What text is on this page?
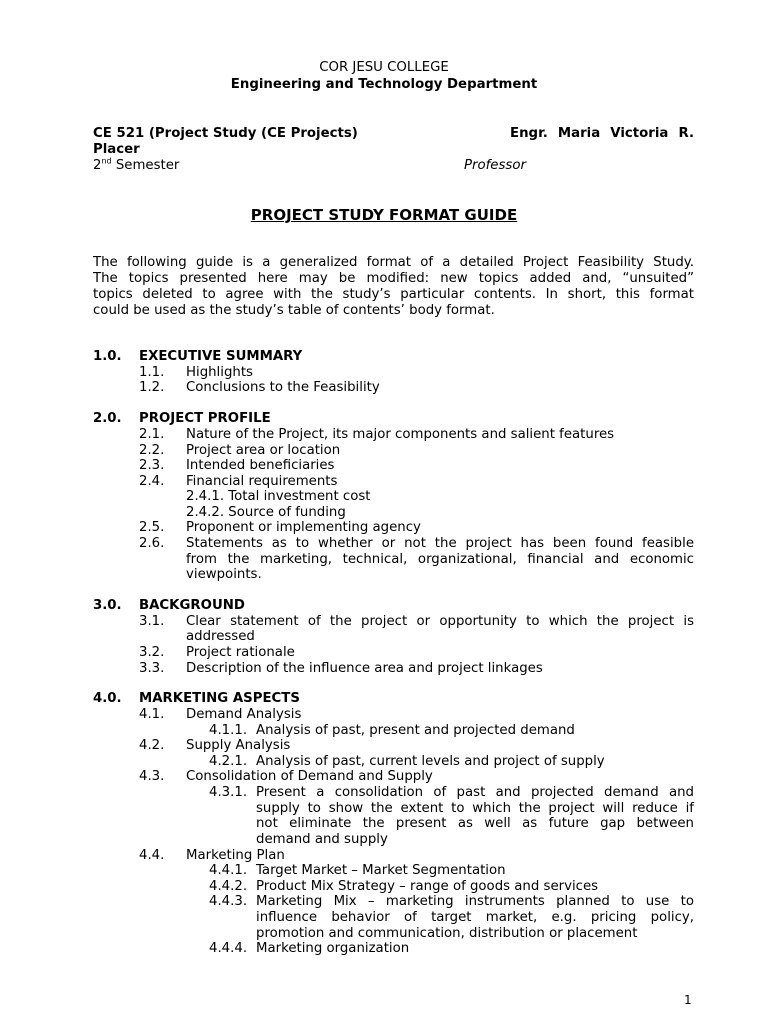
COR JESU COLLEGE
Engineering and Technology Department
CE 521 (Project Study (CE Projects)	Engr. Maria Victoria R.
Placer
2nd Semester	Professor
PROJECT STUDY FORMAT GUIDE
The following guide is a generalized format of a detailed Project Feasibility Study.
The topics presented here may be modified: new topics added and, “unsuited”
topics deleted to agree with the study’s particular contents. In short, this format
could be used as the study’s table of contents’ body format.
1.0. EXECUTIVE SUMMARY
1.1. Highlights
1.2. Conclusions to the Feasibility
2.0. PROJECT PROFILE
2.1. Nature of the Project, its major components and salient features
2.2. Project area or location
2.3. Intended beneficiaries
2.4. Financial requirements
2.4.1. Total investment cost
2.4.2. Source of funding
2.5. Proponent or implementing agency
2.6. Statements as to whether or not the project has been found feasible
from the marketing, technical, organizational, financial and economic
viewpoints.
3.0. BACKGROUND
3.1. Clear statement of the project or opportunity to which the project is
addressed
3.2. Project rationale
3.3. Description of the influence area and project linkages
4.0. MARKETING ASPECTS
4.1. Demand Analysis
4.1.1. Analysis of past, present and projected demand
4.2. Supply Analysis
4.2.1. Analysis of past, current levels and project of supply
4.3. Consolidation of Demand and Supply
4.3.1. Present a consolidation of past and projected demand and
supply to show the extent to which the project will reduce if
not eliminate the present as well as future gap between
demand and supply
4.4. Marketing Plan
4.4.1. Target Market – Market Segmentation
4.4.2. Product Mix Strategy – range of goods and services
4.4.3. Marketing Mix – marketing instruments planned to use to
influence behavior of target market, e.g. pricing policy,
promotion and communication, distribution or placement
4.4.4. Marketing organization
1
